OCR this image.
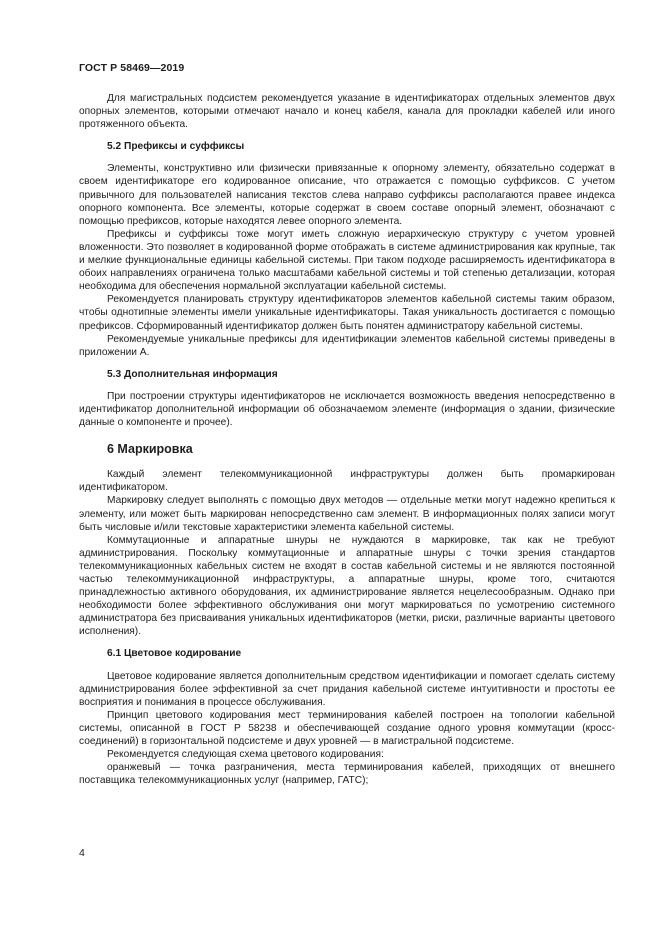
ГОСТ Р 58469—2019

Для магистральных подсистем рекомендуется указание в идентификаторах отдельных элементов двух опорных элементов, которыми отмечают начало и конец кабеля, канала для прокладки кабелей или иного протяженного объекта.

5.2 Префиксы и суффиксы

Элементы, конструктивно или физически привязанные к опорному элементу, обязательно содержат в своем идентификаторе его кодированное описание, что отражается с помощью суффиксов. С учетом привычного для пользователей написания текстов слева направо суффиксы располагаются правее индекса опорного компонента. Все элементы, которые содержат в своем составе опорный элемент, обозначают с помощью префиксов, которые находятся левее опорного элемента.

Префиксы и суффиксы тоже могут иметь сложную иерархическую структуру с учетом уровней вложенности. Это позволяет в кодированной форме отображать в системе администрирования как крупные, так и мелкие функциональные единицы кабельной системы. При таком подходе расширяемость идентификатора в обоих направлениях ограничена только масштабами кабельной системы и той степенью детализации, которая необходима для обеспечения нормальной эксплуатации кабельной системы.

Рекомендуется планировать структуру идентификаторов элементов кабельной системы таким образом, чтобы однотипные элементы имели уникальные идентификаторы. Такая уникальность достигается с помощью префиксов. Сформированный идентификатор должен быть понятен администратору кабельной системы.

Рекомендуемые уникальные префиксы для идентификации элементов кабельной системы приведены в приложении А.

5.3 Дополнительная информация

При построении структуры идентификаторов не исключается возможность введения непосредственно в идентификатор дополнительной информации об обозначаемом элементе (информация о здании, физические данные о компоненте и прочее).

6 Маркировка

Каждый элемент телекоммуникационной инфраструктуры должен быть промаркирован идентификатором.

Маркировку следует выполнять с помощью двух методов — отдельные метки могут надежно крепиться к элементу, или может быть маркирован непосредственно сам элемент. В информационных полях записи могут быть числовые и/или текстовые характеристики элемента кабельной системы.

Коммутационные и аппаратные шнуры не нуждаются в маркировке, так как не требуют администрирования. Поскольку коммутационные и аппаратные шнуры с точки зрения стандартов телекоммуникационных кабельных систем не входят в состав кабельной системы и не являются постоянной частью телекоммуникационной инфраструктуры, а аппаратные шнуры, кроме того, считаются принадлежностью активного оборудования, их администрирование является нецелесообразным. Однако при необходимости более эффективного обслуживания они могут маркироваться по усмотрению системного администратора без присваивания уникальных идентификаторов (метки, риски, различные варианты цветового исполнения).

6.1 Цветовое кодирование

Цветовое кодирование является дополнительным средством идентификации и помогает сделать систему администрирования более эффективной за счет придания кабельной системе интуитивности и простоты ее восприятия и понимания в процессе обслуживания.

Принцип цветового кодирования мест терминирования кабелей построен на топологии кабельной системы, описанной в ГОСТ Р 58238 и обеспечивающей создание одного уровня коммутации (кросс-соединений) в горизонтальной подсистеме и двух уровней — в магистральной подсистеме.

Рекомендуется следующая схема цветового кодирования:

оранжевый — точка разграничения, места терминирования кабелей, приходящих от внешнего поставщика телекоммуникационных услуг (например, ГАТС);

4
